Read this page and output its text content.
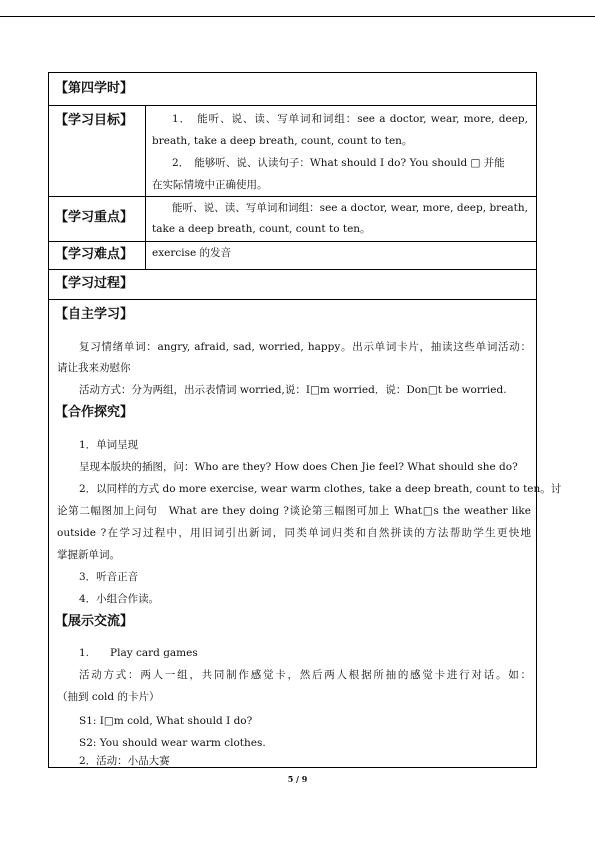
【第四学时】
【学习目标】	1．　能听、说、读、写单词和词组：see a doctor, wear, more, deep,
breath, take a deep breath, count, count to ten。
2．　能够听、说、认读句子：What should I do? You should □ 并能
在实际情境中正确使用。
【学习重点】
能听、说、读、写单词和词组：see a doctor, wear, more, deep, breath,
take a deep breath, count, count to ten。
【学习难点】 exercise 的发音
【学习过程】
【自主学习】
复习情绪单词：angry, afraid, sad, worried, happy。出示单词卡片，抽读这些单词活动：
请让我来劝慰你
活动方式：分为两组，出示表情词 worried,说：I□m worried．说：Don□t be worried.
【合作探究】
1．单词呈现
呈现本版块的插图，问：Who are they? How does Chen Jie feel? What should she do?
2．以同样的方式 do more exercise, wear warm clothes, take a deep breath, count to ten。讨
论第二幅图加上问句　What are they doing ?谈论第三幅图可加上 What□s the weather like
outside ?在学习过程中，用旧词引出新词，同类单词归类和自然拼读的方法帮助学生更快地
掌握新单词。
3．听音正音
4．小组合作读。
【展示交流】
1.　　Play card games
活动方式：两人一组，共同制作感觉卡，然后两人根据所抽的感觉卡进行对话。如：
（抽到 cold 的卡片）
S1: I□m cold, What should I do?
S2: You should wear warm clothes.
2．活动：小品大赛
5 / 9
